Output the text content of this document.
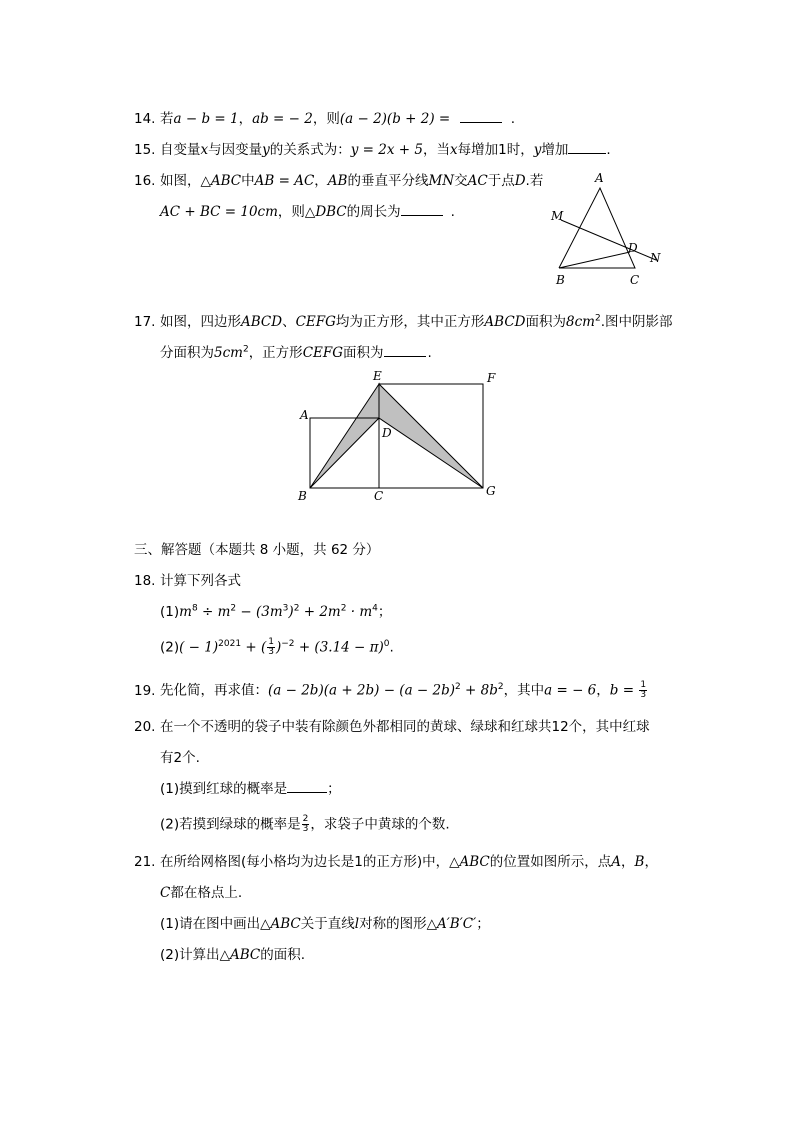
14. 若a − b = 1，ab = − 2，则(a − 2)(b + 2) =	.
15. 自变量x与因变量y的关系式为：y = 2x + 5，当x每增加1时，y增加	.
16. 如图，△ABC中AB = AC，AB的垂直平分线MN交AC于点D.若
AC + BC = 10cm，则△DBC的周长为	.
A
B	C
D
M
N
17. 如图，四边形ABCD、CEFG均为正方形，其中正方形ABCD面积为$8cm^2$.图中阴影部
分面积为$5cm^2$，正方形CEFG面积为	.
A
B	C
D
E	F
G
三、解答题（本题共 8 小题，共 62 分）
18. 计算下列各式
$(1)m^8 \div m^2 - (3m^3)^2 + 2m^2 \cdot m^4$；
$(2)( - 1)^{2021}$ + ( $\frac{1}{3} )^{-2} + (3.14 - \pi)^0$.
19. 先化简，再求值：$(a - 2b)(a + 2b) - (a - 2b)^2 + 8b^2$，其中a = − 6，$b = \frac{1}{3}$
20. 在一个不透明的袋子中装有除颜色外都相同的黄球、绿球和红球共12个，其中红球
有2个.
(1)摸到红球的概率是	；
(2)若摸到绿球的概率是 $\frac{2}{3}$ ，求袋子中黄球的个数.
21. 在所给网格图(每小格均为边长是1的正方形)中，△ABC的位置如图所示，点A，B，
C都在格点上.
(1)请在图中画出△ABC关于直线l对称的图形△A′B′C′；
(2)计算出△ABC的面积.
